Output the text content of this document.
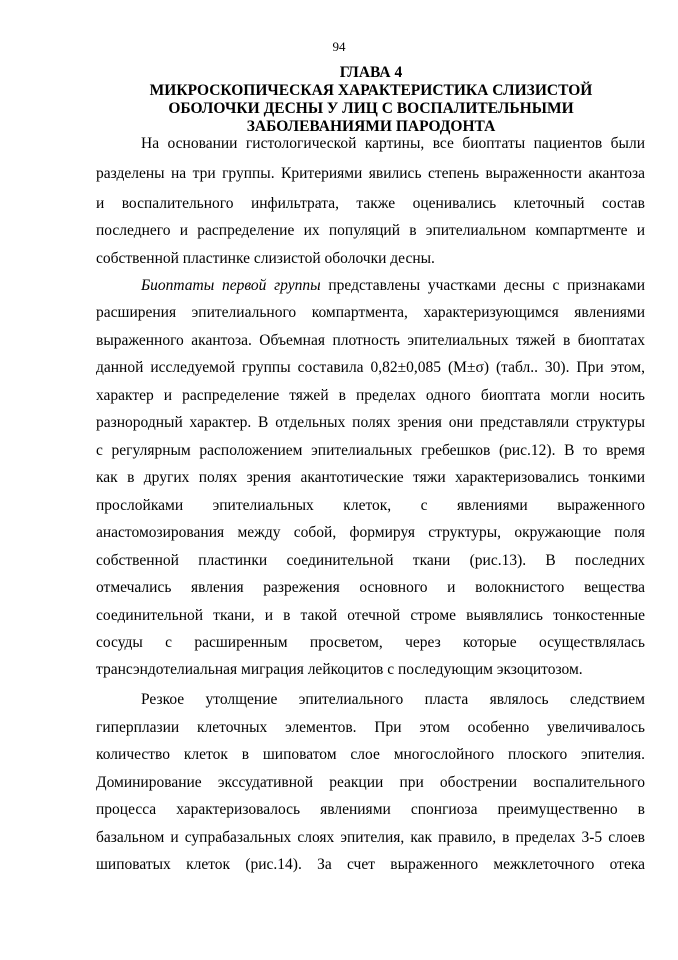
94
ГЛАВА 4
МИКРОСКОПИЧЕСКАЯ ХАРАКТЕРИСТИКА СЛИЗИСТОЙ
ОБОЛОЧКИ ДЕСНЫ У ЛИЦ С ВОСПАЛИТЕЛЬНЫМИ
ЗАБОЛЕВАНИЯМИ ПАРОДОНТА
На основании гистологической картины, все биоптаты пациентов были
разделены на три группы. Критериями явились степень выраженности акантоза
и воспалительного инфильтрата, также оценивались клеточный состав
последнего и распределение их популяций в эпителиальном компартменте и
собственной пластинке слизистой оболочки десны.
Биоптаты первой группы представлены участками десны с признаками
расширения эпителиального компартмента, характеризующимся явлениями
выраженного акантоза. Объемная плотность эпителиальных тяжей в биоптатах
данной исследуемой группы составила 0,82±0,085 (M±σ) (табл.. 30). При этом,
характер и распределение тяжей в пределах одного биоптата могли носить
разнородный характер. В отдельных полях зрения они представляли структуры
с регулярным расположением эпителиальных гребешков (рис.12). В то время
как в других полях зрения акантотические тяжи характеризовались тонкими
прослойками эпителиальных клеток, с явлениями выраженного
анастомозирования между собой, формируя структуры, окружающие поля
собственной пластинки соединительной ткани (рис.13). В последних
отмечались явления разрежения основного и волокнистого вещества
соединительной ткани, и в такой отечной строме выявлялись тонкостенные
сосуды с расширенным просветом, через которые осуществлялась
трансэндотелиальная миграция лейкоцитов с последующим экзоцитозом.
Резкое утолщение эпителиального пласта являлось следствием
гиперплазии клеточных элементов. При этом особенно увеличивалось
количество клеток в шиповатом слое многослойного плоского эпителия.
Доминирование экссудативной реакции при обострении воспалительного
процесса характеризовалось явлениями спонгиоза преимущественно в
базальном и супрабазальных слоях эпителия, как правило, в пределах 3-5 слоев
шиповатых клеток (рис.14). За счет выраженного межклеточного отека
